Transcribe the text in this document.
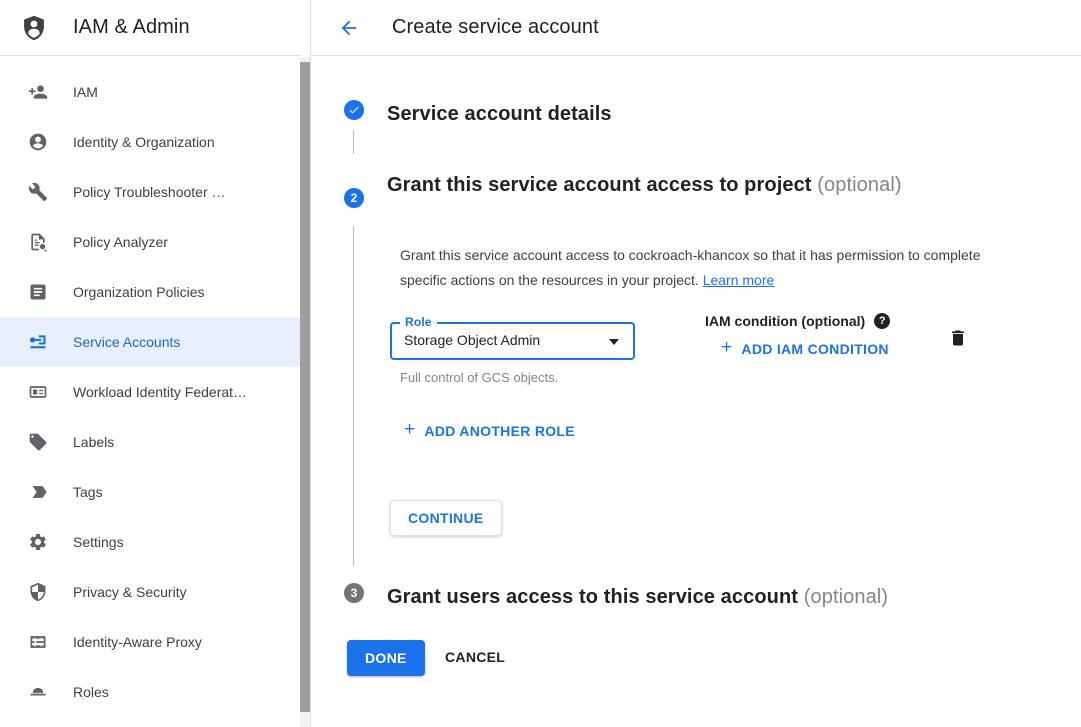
IAM & Admin
IAM
Identity & Organization
Policy Troubleshooter …
Policy Analyzer
Organization Policies
Service Accounts
Workload Identity Federat…
Labels
Tags
Settings
Privacy & Security
Identity-Aware Proxy
Roles
Create service account
Service account details
2
Grant this service account access to project (optional)
Grant this service account access to cockroach-khancox so that it has permission to complete specific actions on the resources in your project. Learn more
Role
Storage Object Admin
Full control of GCS objects.
IAM condition (optional)	?
+ ADD IAM CONDITION
+ ADD ANOTHER ROLE
CONTINUE
3 Grant users access to this service account (optional)
DONE	CANCEL
